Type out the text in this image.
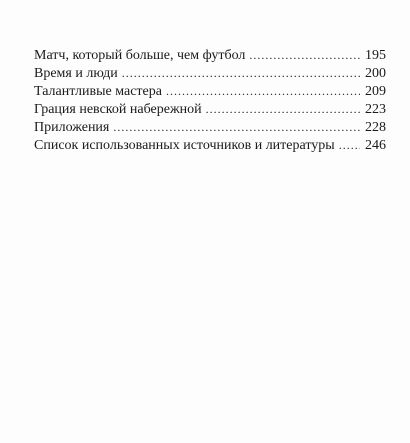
Матч, который больше, чем футбол .....	195
Время и люди .....	200
Талантливые мастера .....	209
Грация невской набережной .....	223
Приложения .....	228
Список использованных источников и литературы ..... 246
